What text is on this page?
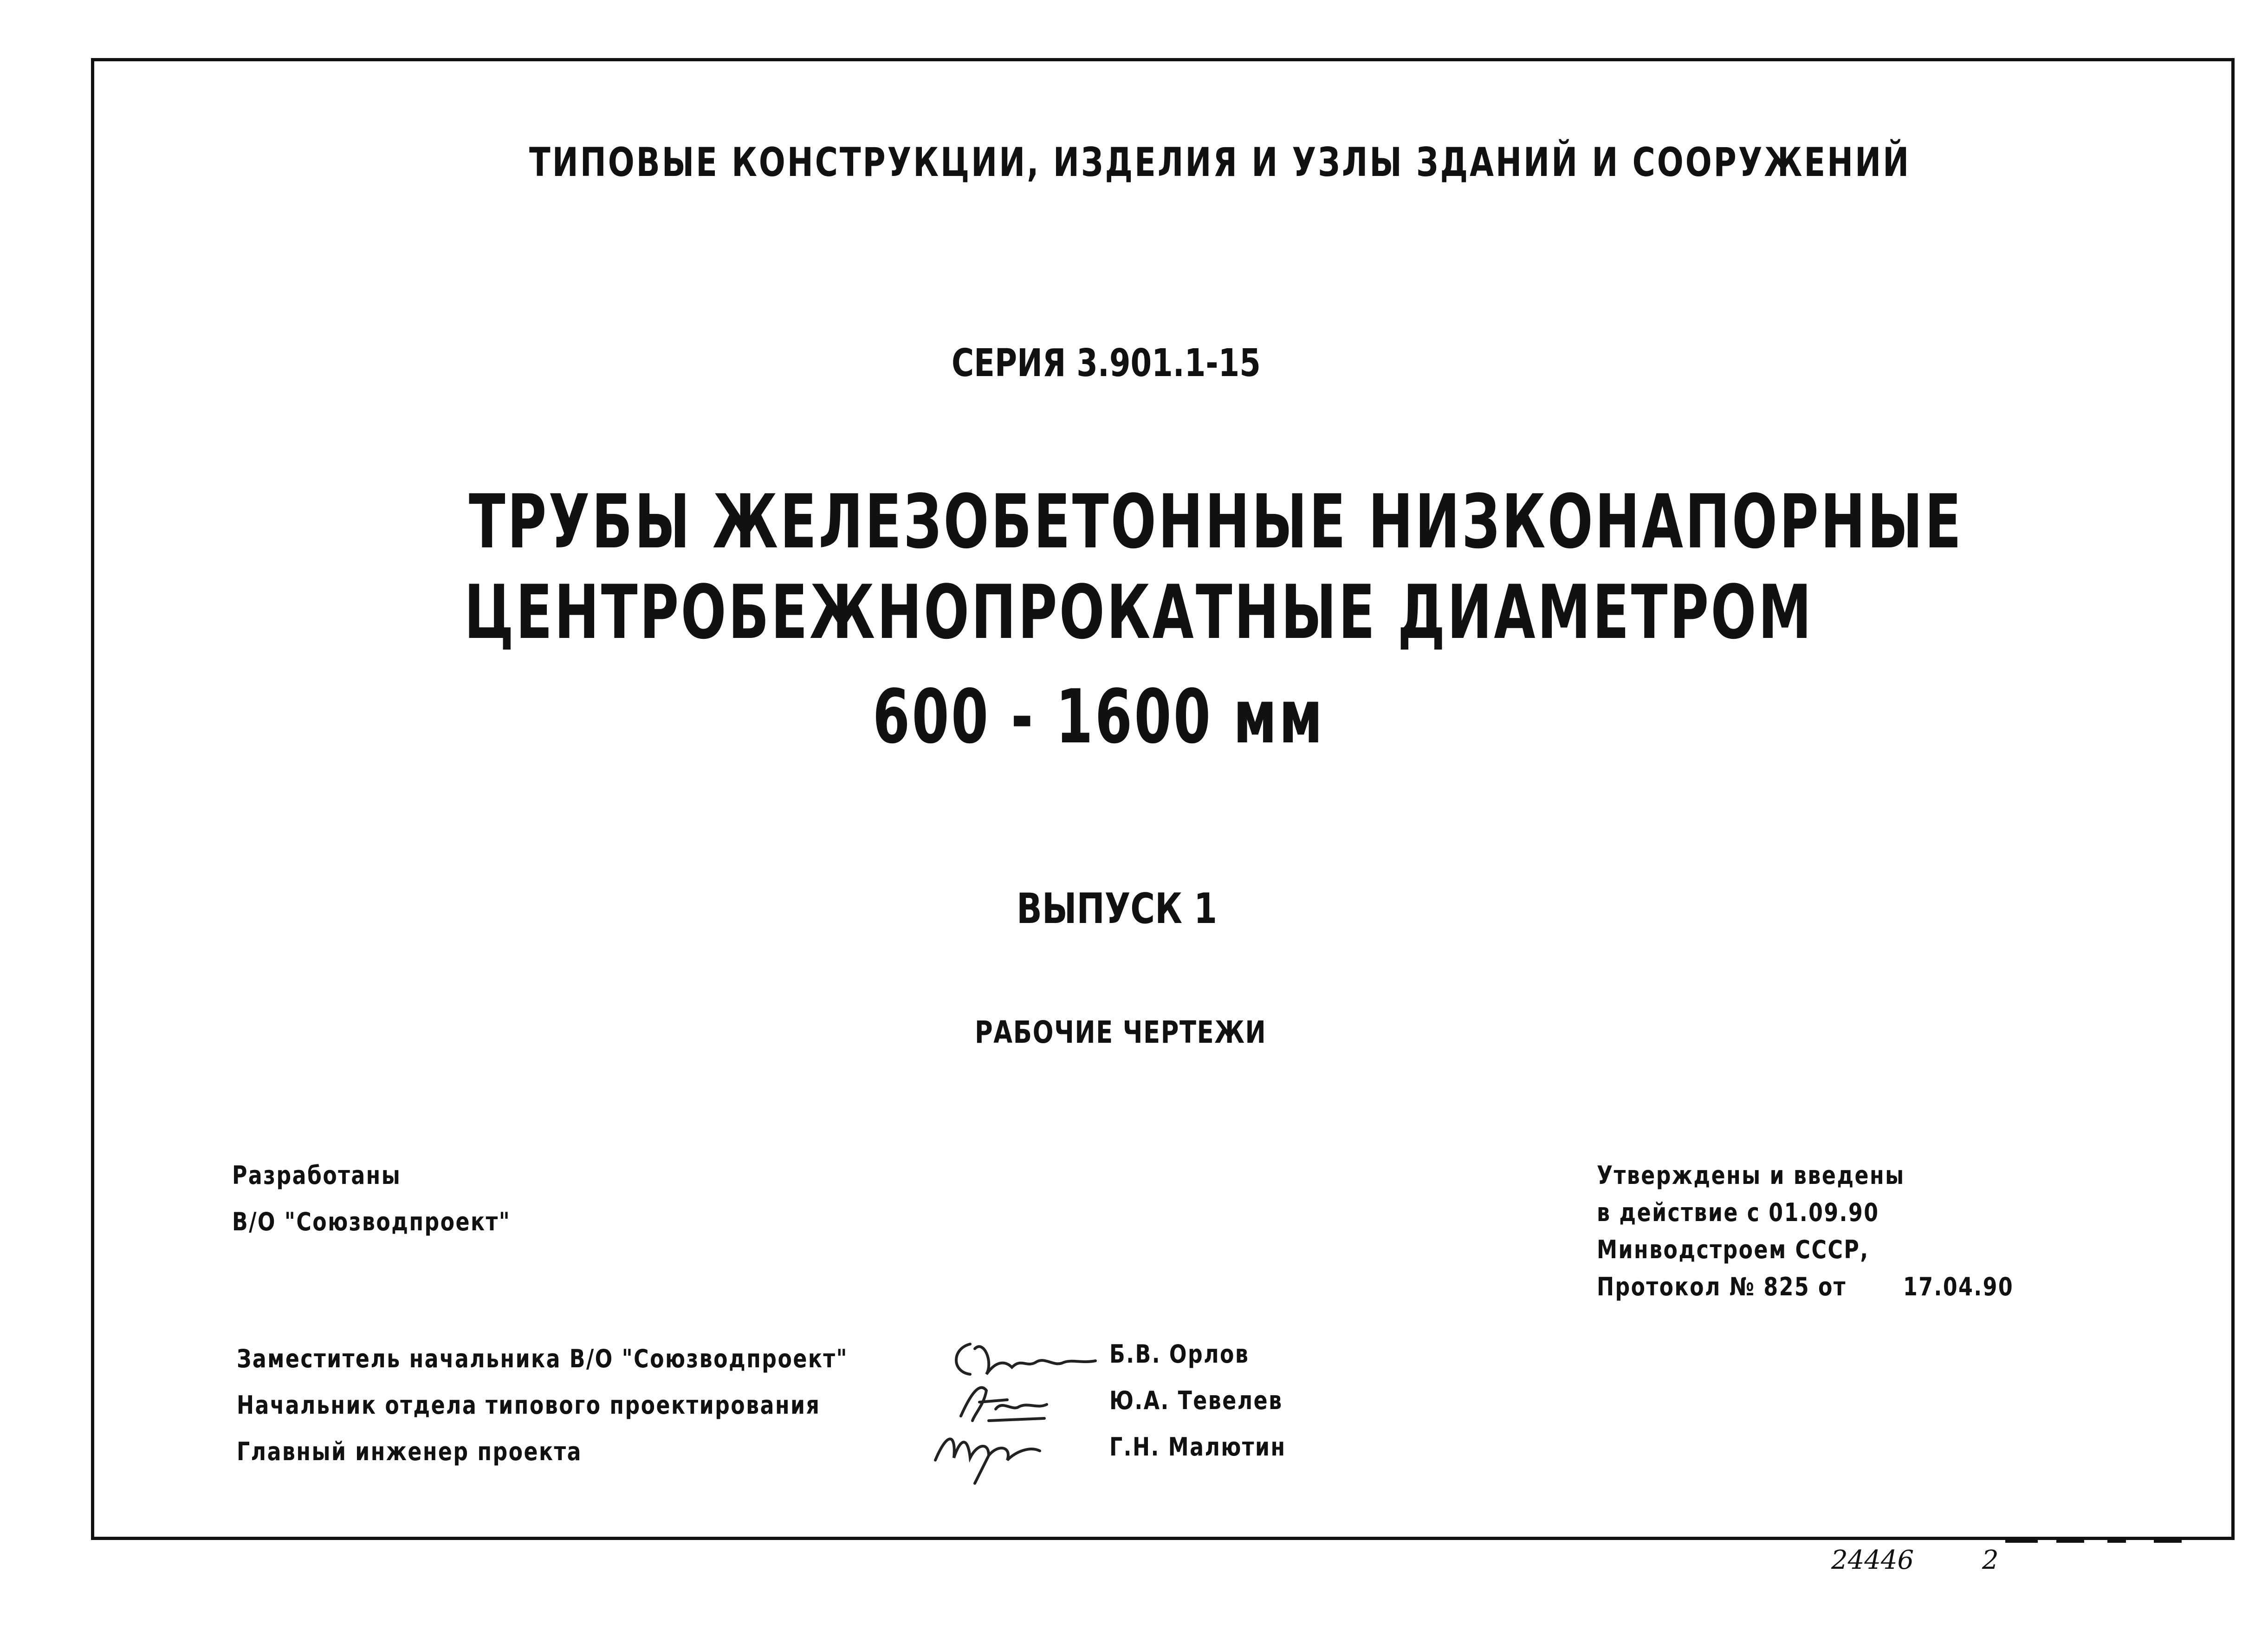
ТИПОВЫЕ КОНСТРУКЦИИ, ИЗДЕЛИЯ И УЗЛЫ ЗДАНИЙ И СООРУЖЕНИЙ
СЕРИЯ 3.901.1-15
ТРУБЫ ЖЕЛЕЗОБЕТОННЫЕ НИЗКОНАПОРНЫЕ
ЦЕНТРОБЕЖНОПРОКАТНЫЕ ДИАМЕТРОМ
600 - 1600 мм
ВЫПУСК 1
РАБОЧИЕ ЧЕРТЕЖИ
Разработаны
В/О "Союзводпроект"
Утверждены и введены
в действие с 01.09.90
Минводстроем СССР,
Протокол № 825 от 17.04.90
Заместитель начальника В/О "Союзводпроект"
Начальник отдела типового проектирования
Главный инженер проекта
Б.В. Орлов
Ю.А. Тевелев
Г.Н. Малютин
24446	2
